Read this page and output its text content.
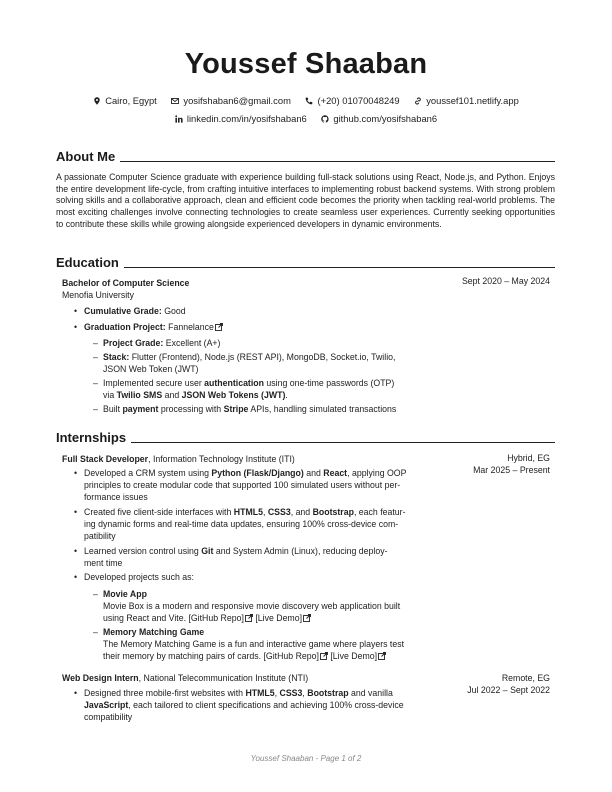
Youssef Shaaban
Cairo, Egypt
	yosifshaban6@gmail.com
	(+20) 01070048249
	youssef101.netlify.app
linkedin.com/in/yosifshaban6
	github.com/yosifshaban6
About Me
A passionate Computer Science graduate with experience building full-stack solutions using React, Node.js, and Python. Enjoys the entire development life-cycle, from crafting intuitive interfaces to implementing robust backend systems. With strong problem solving skills and a collaborative approach, clean and efficient code becomes the priority when tackling real-world problems. The most exciting challenges involve connecting technologies to create seamless user experiences. Currently seeking opportunities to contribute these skills while growing alongside experienced developers in dynamic environments.
Education
Bachelor of Computer Science	Sept 2020 – May 2024
Menofia University
• Cumulative Grade: Good
• Graduation Project: Fannelance
– Project Grade: Excellent (A+)
– Stack: Flutter (Frontend), Node.js (REST API), MongoDB, Socket.io, Twilio,
JSON Web Token (JWT)
– Implemented secure user authentication using one-time passwords (OTP)
via Twilio SMS and JSON Web Tokens (JWT).
– Built payment processing with Stripe APIs, handling simulated transactions
Internships
Full Stack Developer, Information Technology Institute (ITI)	Hybrid, EG
Mar 2025 – Present
• Developed a CRM system using Python (Flask/Django) and React, applying OOP
principles to create modular code that supported 100 simulated users without per-
formance issues
• Created five client-side interfaces with HTML5, CSS3, and Bootstrap, each featur-
ing dynamic forms and real-time data updates, ensuring 100% cross-device com-
patibility
• Learned version control using Git and System Admin (Linux), reducing deploy-
ment time
• Developed projects such as:
– Movie App
Movie Box is a modern and responsive movie discovery web application built
using React and Vite. [GitHub Repo] [Live Demo]
– Memory Matching Game
The Memory Matching Game is a fun and interactive game where players test
their memory by matching pairs of cards. [GitHub Repo] [Live Demo]
Web Design Intern, National Telecommunication Institute (NTI)	Remote, EG
Jul 2022 – Sept 2022
• Designed three mobile-first websites with HTML5, CSS3, Bootstrap and vanilla
JavaScript, each tailored to client specifications and achieving 100% cross-device
compatibility
Youssef Shaaban - Page 1 of 2
